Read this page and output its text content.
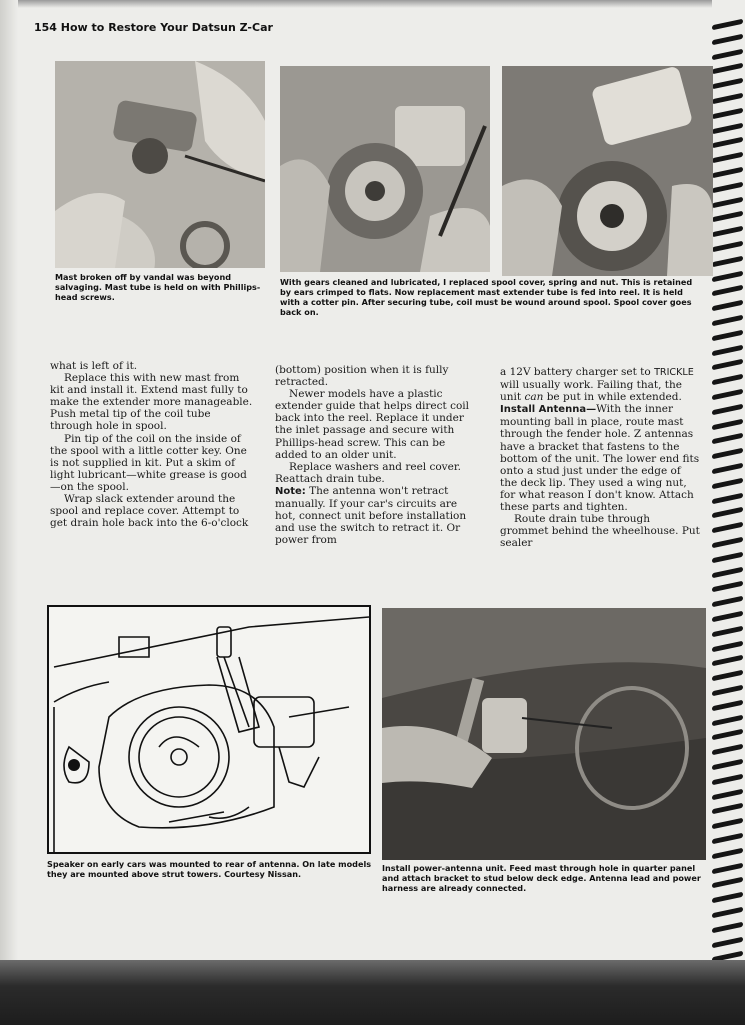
154 How to Restore Your Datsun Z-Car
Mast broken off by vandal was beyond salvaging. Mast tube is held on with Phillips-head screws.
With gears cleaned and lubricated, I replaced spool cover, spring and nut. This is retained by ears crimped to flats. Now replacement mast extender tube is fed into reel. It is held with a cotter pin. After securing tube, coil must be wound around spool. Spool cover goes back on.

what is left of it.

Replace this with new mast from kit and install it. Extend mast fully to make the extender more manageable. Push metal tip of the coil tube through hole in spool.

Pin tip of the coil on the inside of the spool with a little cotter key. One is not supplied in kit. Put a skim of light lubricant—white grease is good—on the spool.

Wrap slack extender around the spool and replace cover. Attempt to get drain hole back into the 6-o'clock

(bottom) position when it is fully retracted.

Newer models have a plastic extender guide that helps direct coil back into the reel. Replace it under the inlet passage and secure with Phillips-head screw. This can be added to an older unit.

Replace washers and reel cover. Reattach drain tube.

Note: The antenna won't retract manually. If your car's circuits are hot, connect unit before installation and use the switch to retract it. Or power from

a 12V battery charger set to TRICKLE will usually work. Failing that, the unit can be put in while extended.

Install Antenna—With the inner mounting ball in place, route mast through the fender hole. Z antennas have a bracket that fastens to the bottom of the unit. The lower end fits onto a stud just under the edge of the deck lip. They used a wing nut, for what reason I don't know. Attach these parts and tighten.

Route drain tube through grommet behind the wheelhouse. Put sealer

Speaker on early cars was mounted to rear of antenna. On late models they are mounted above strut towers. Courtesy Nissan.
Install power-antenna unit. Feed mast through hole in quarter panel and attach bracket to stud below deck edge. Antenna lead and power harness are already connected.
